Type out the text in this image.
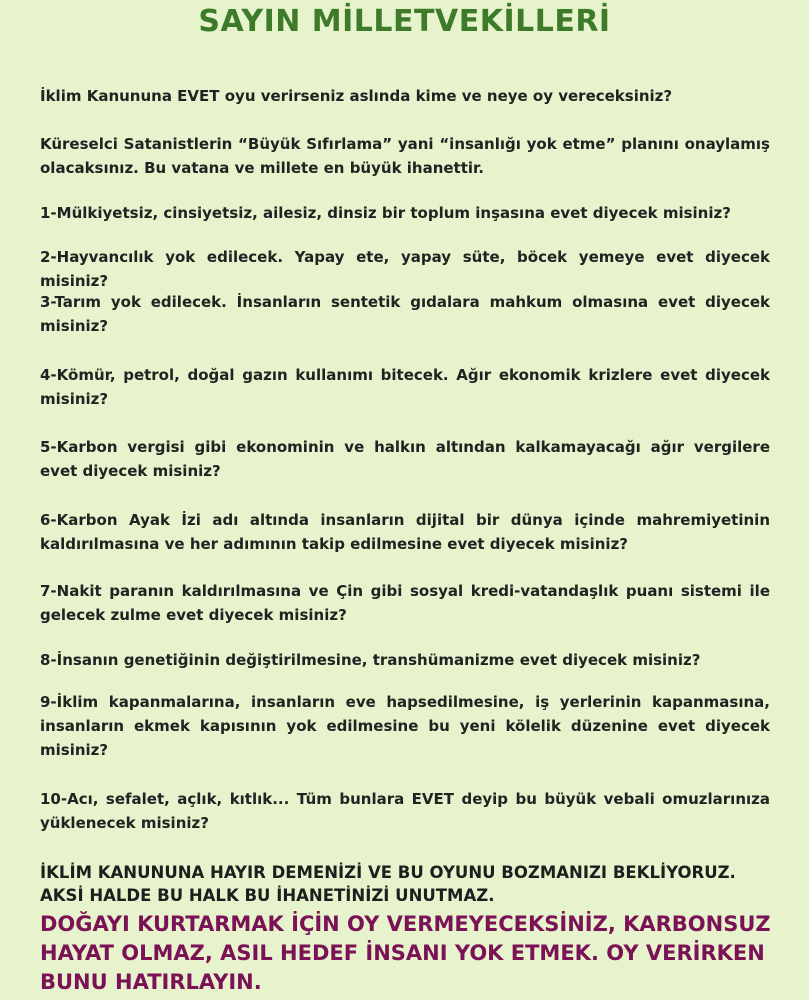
SAYIN MİLLETVEKİLLERİ

İklim Kanununa EVET oyu verirseniz aslında kime ve neye oy vereceksiniz?

Küreselci Satanistlerin “Büyük Sıfırlama” yani “insanlığı yok etme” planını onaylamış olacaksınız. Bu vatana ve millete en büyük ihanettir.

1-Mülkiyetsiz, cinsiyetsiz, ailesiz, dinsiz bir toplum inşasına evet diyecek misiniz?

2-Hayvancılık yok edilecek. Yapay ete, yapay süte, böcek yemeye evet diyecek misiniz?

3-Tarım yok edilecek. İnsanların sentetik gıdalara mahkum olmasına evet diyecek misiniz?

4-Kömür, petrol, doğal gazın kullanımı bitecek. Ağır ekonomik krizlere evet diyecek misiniz?

5-Karbon vergisi gibi ekonominin ve halkın altından kalkamayacağı ağır vergilere evet diyecek misiniz?

6-Karbon Ayak İzi adı altında insanların dijital bir dünya içinde mahremiyetinin kaldırılmasına ve her adımının takip edilmesine evet diyecek misiniz?

7-Nakit paranın kaldırılmasına ve Çin gibi sosyal kredi-vatandaşlık puanı sistemi ile gelecek zulme evet diyecek misiniz?

8-İnsanın genetiğinin değiştirilmesine, transhümanizme evet diyecek misiniz?

9-İklim kapanmalarına, insanların eve hapsedilmesine, iş yerlerinin kapanmasına, insanların ekmek kapısının yok edilmesine bu yeni kölelik düzenine evet diyecek misiniz?

10-Acı, sefalet, açlık, kıtlık... Tüm bunlara EVET deyip bu büyük vebali omuzlarınıza yüklenecek misiniz?

İKLİM KANUNUNA HAYIR DEMENİZİ VE BU OYUNU BOZMANIZI BEKLİYORUZ. AKSİ HALDE BU HALK BU İHANETİNİZİ UNUTMAZ.

DOĞAYI KURTARMAK İÇİN OY VERMEYECEKSİNİZ, KARBONSUZ HAYAT OLMAZ, ASIL HEDEF İNSANI YOK ETMEK. OY VERİRKEN BUNU HATIRLAYIN.
